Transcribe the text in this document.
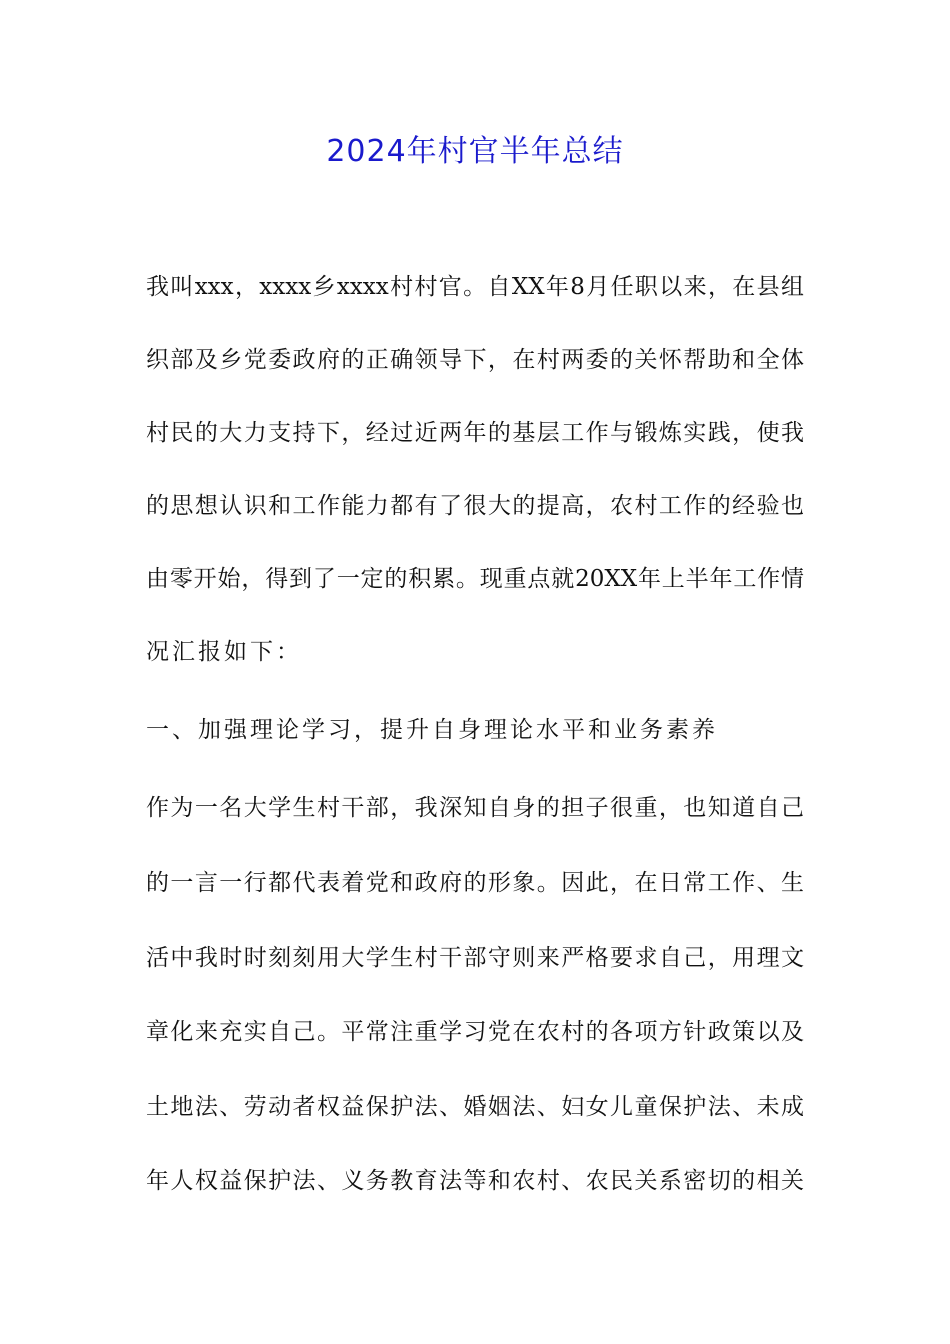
2024年村官半年总结
我叫xxx，xxxx乡xxxx村村官。自XX年8月任职以来，在县组
织部及乡党委政府的正确领导下，在村两委的关怀帮助和全体
村民的大力支持下，经过近两年的基层工作与锻炼实践，使我
的思想认识和工作能力都有了很大的提高，农村工作的经验也
由零开始，得到了一定的积累。现重点就20XX年上半年工作情
况汇报如下：
一、加强理论学习，提升自身理论水平和业务素养
作为一名大学生村干部，我深知自身的担子很重，也知道自己
的一言一行都代表着党和政府的形象。因此，在日常工作、生
活中我时时刻刻用大学生村干部守则来严格要求自己，用理文
章化来充实自己。平常注重学习党在农村的各项方针政策以及
土地法、劳动者权益保护法、婚姻法、妇女儿童保护法、未成
年人权益保护法、义务教育法等和农村、农民关系密切的相关
